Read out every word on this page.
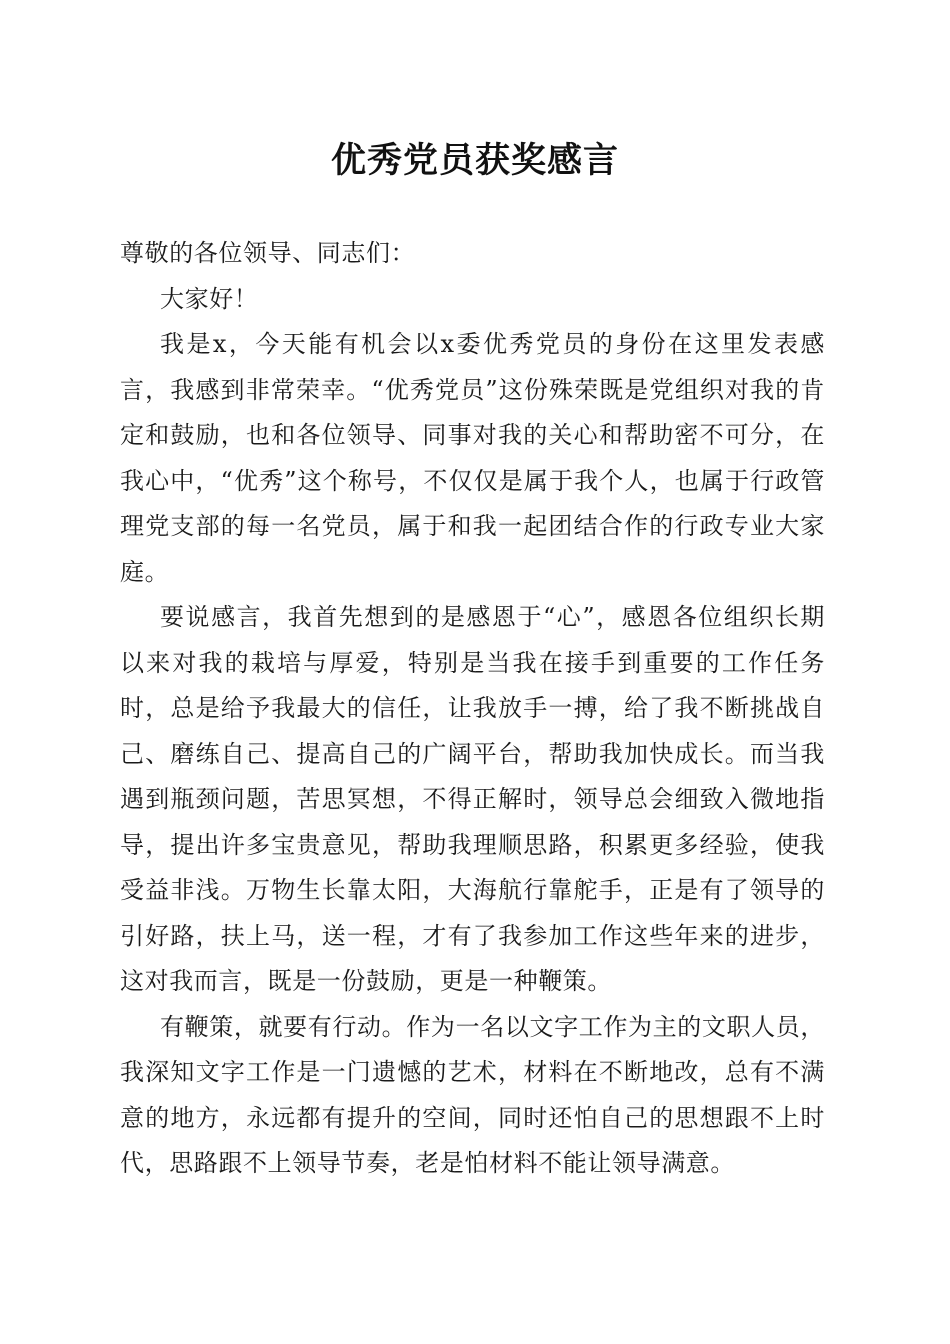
优秀党员获奖感言

尊敬的各位领导、同志们：

大家好！

我是x，今天能有机会以x委优秀党员的身份在这里发表感言，我感到非常荣幸。“优秀党员”这份殊荣既是党组织对我的肯定和鼓励，也和各位领导、同事对我的关心和帮助密不可分，在我心中，“优秀”这个称号，不仅仅是属于我个人，也属于行政管理党支部的每一名党员，属于和我一起团结合作的行政专业大家庭。

要说感言，我首先想到的是感恩于“心”，感恩各位组织长期以来对我的栽培与厚爱，特别是当我在接手到重要的工作任务时，总是给予我最大的信任，让我放手一搏，给了我不断挑战自己、磨练自己、提高自己的广阔平台，帮助我加快成长。而当我遇到瓶颈问题，苦思冥想，不得正解时，领导总会细致入微地指导，提出许多宝贵意见，帮助我理顺思路，积累更多经验，使我受益非浅。万物生长靠太阳，大海航行靠舵手，正是有了领导的引好路，扶上马，送一程，才有了我参加工作这些年来的进步，这对我而言，既是一份鼓励，更是一种鞭策。

有鞭策，就要有行动。作为一名以文字工作为主的文职人员，我深知文字工作是一门遗憾的艺术，材料在不断地改，总有不满意的地方，永远都有提升的空间，同时还怕自己的思想跟不上时代，思路跟不上领导节奏，老是怕材料不能让领导满意。
